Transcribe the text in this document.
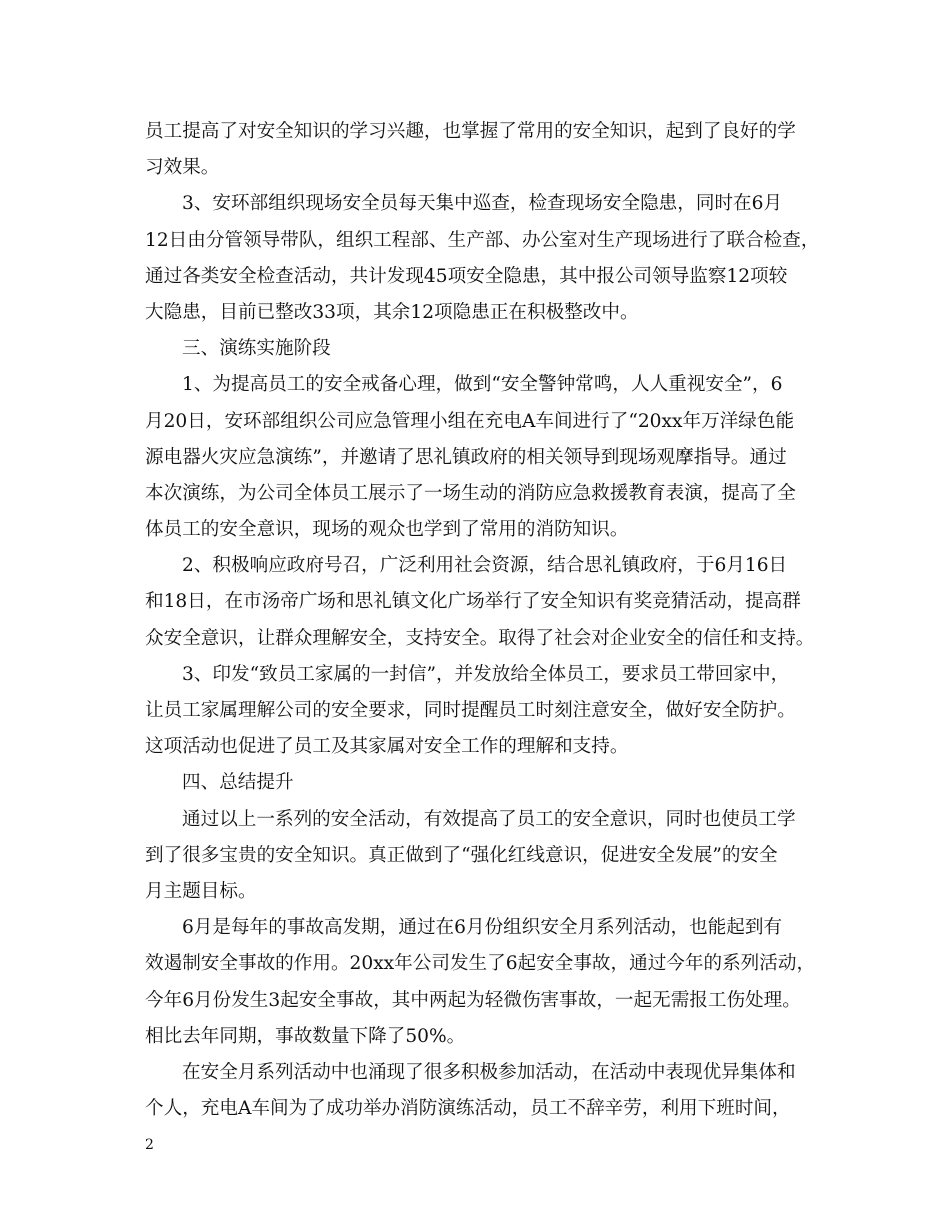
员工提高了对安全知识的学习兴趣，也掌握了常用的安全知识，起到了良好的学
习效果。
3、安环部组织现场安全员每天集中巡查，检查现场安全隐患，同时在6月
12日由分管领导带队，组织工程部、生产部、办公室对生产现场进行了联合检查，
通过各类安全检查活动，共计发现45项安全隐患，其中报公司领导监察12项较
大隐患，目前已整改33项，其余12项隐患正在积极整改中。
三、演练实施阶段
1、为提高员工的安全戒备心理，做到“安全警钟常鸣，人人重视安全”，6
月20日，安环部组织公司应急管理小组在充电A车间进行了“20xx年万洋绿色能
源电器火灾应急演练”，并邀请了思礼镇政府的相关领导到现场观摩指导。通过
本次演练，为公司全体员工展示了一场生动的消防应急救援教育表演，提高了全
体员工的安全意识，现场的观众也学到了常用的消防知识。
2、积极响应政府号召，广泛利用社会资源，结合思礼镇政府，于6月16日
和18日，在市汤帝广场和思礼镇文化广场举行了安全知识有奖竞猜活动，提高群
众安全意识，让群众理解安全，支持安全。取得了社会对企业安全的信任和支持。
3、印发“致员工家属的一封信”，并发放给全体员工，要求员工带回家中，
让员工家属理解公司的安全要求，同时提醒员工时刻注意安全，做好安全防护。
这项活动也促进了员工及其家属对安全工作的理解和支持。
四、总结提升
通过以上一系列的安全活动，有效提高了员工的安全意识，同时也使员工学
到了很多宝贵的安全知识。真正做到了“强化红线意识，促进安全发展”的安全
月主题目标。
6月是每年的事故高发期，通过在6月份组织安全月系列活动，也能起到有
效遏制安全事故的作用。20xx年公司发生了6起安全事故，通过今年的系列活动，
今年6月份发生3起安全事故，其中两起为轻微伤害事故，一起无需报工伤处理。
相比去年同期，事故数量下降了50%。
在安全月系列活动中也涌现了很多积极参加活动，在活动中表现优异集体和
个人，充电A车间为了成功举办消防演练活动，员工不辞辛劳，利用下班时间，
2
